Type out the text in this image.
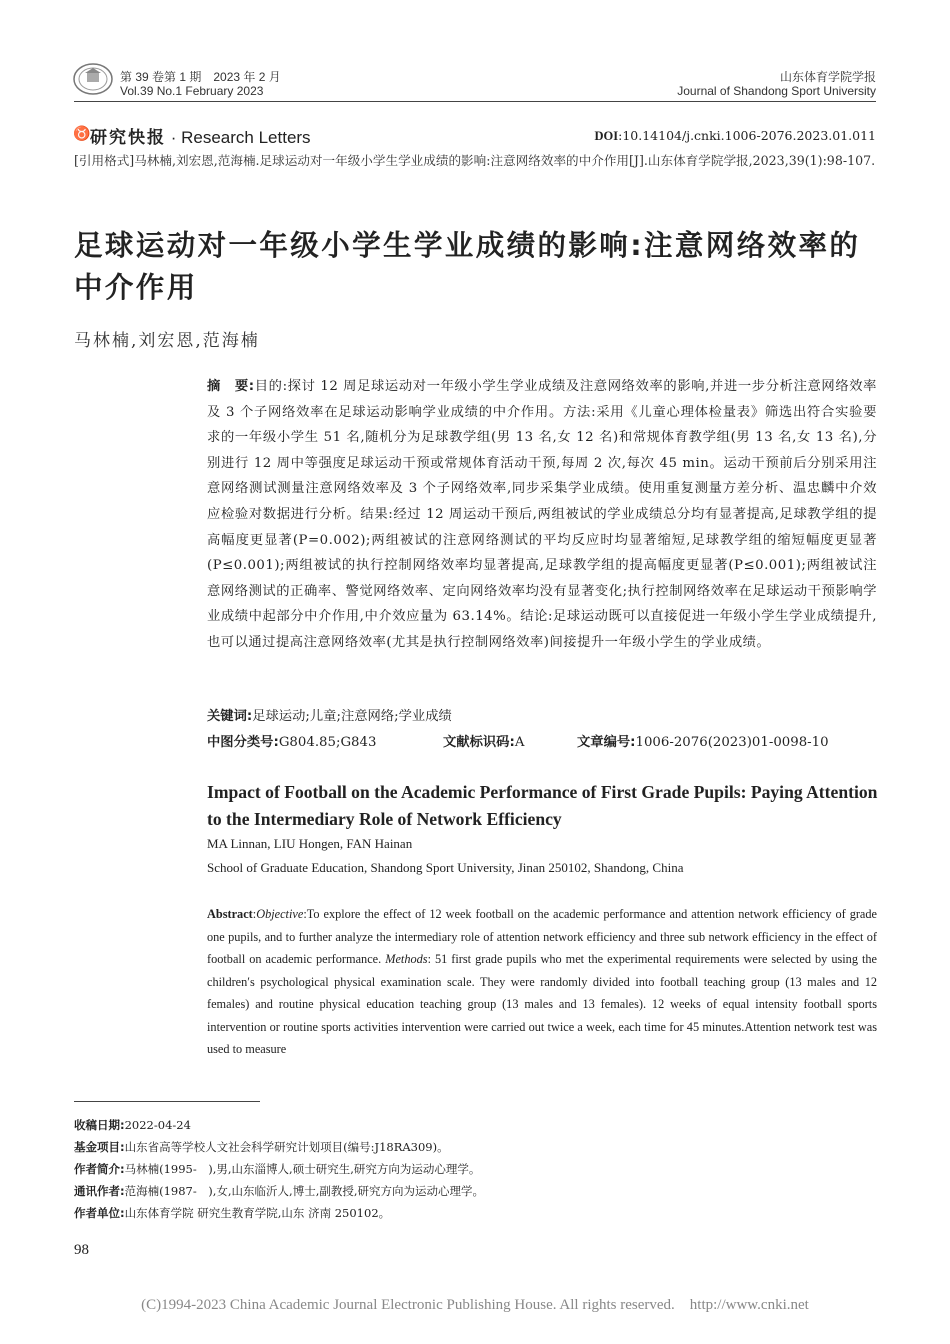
第 39 卷第 1 期　2023 年 2 月
Vol.39 No.1 February 2023
山东体育学院学报
Journal of Shandong Sport University
♉ 研究快报 · Research Letters	DOI:10.14104/j.cnki.1006-2076.2023.01.011
[引用格式]马林楠,刘宏恩,范海楠.足球运动对一年级小学生学业成绩的影响:注意网络效率的中介作用[J].山东体育学院学报,2023,39(1):98-107.
足球运动对一年级小学生学业成绩的影响:注意网络效率的中介作用
马林楠,刘宏恩,范海楠
摘　要:目的:探讨 12 周足球运动对一年级小学生学业成绩及注意网络效率的影响,并进一步分析注意网络效率及 3 个子网络效率在足球运动影响学业成绩的中介作用。方法:采用《儿童心理体检量表》筛选出符合实验要求的一年级小学生 51 名,随机分为足球教学组(男 13 名,女 12 名)和常规体育教学组(男 13 名,女 13 名),分别进行 12 周中等强度足球运动干预或常规体育活动干预,每周 2 次,每次 45 min。运动干预前后分别采用注意网络测试测量注意网络效率及 3 个子网络效率,同步采集学业成绩。使用重复测量方差分析、温忠麟中介效应检验对数据进行分析。结果:经过 12 周运动干预后,两组被试的学业成绩总分均有显著提高,足球教学组的提高幅度更显著(P=0.002);两组被试的注意网络测试的平均反应时均显著缩短,足球教学组的缩短幅度更显著(P≤0.001);两组被试的执行控制网络效率均显著提高,足球教学组的提高幅度更显著(P≤0.001);两组被试注意网络测试的正确率、警觉网络效率、定向网络效率均没有显著变化;执行控制网络效率在足球运动干预影响学业成绩中起部分中介作用,中介效应量为 63.14%。结论:足球运动既可以直接促进一年级小学生学业成绩提升,也可以通过提高注意网络效率(尤其是执行控制网络效率)间接提升一年级小学生的学业成绩。
关键词:足球运动;儿童;注意网络;学业成绩
中图分类号:G804.85;G843	文献标识码:A	文章编号:1006-2076(2023)01-0098-10
Impact of Football on the Academic Performance of First Grade Pupils: Paying Attention to the Intermediary Role of Network Efficiency
MA Linnan, LIU Hongen, FAN Hainan
School of Graduate Education, Shandong Sport University, Jinan 250102, Shandong, China
Abstract:Objective:To explore the effect of 12 week football on the academic performance and attention network efficiency of grade one pupils, and to further analyze the intermediary role of attention network efficiency and three sub network efficiency in the effect of football on academic performance. Methods: 51 first grade pupils who met the experimental requirements were selected by using the children′s psychological physical examination scale. They were randomly divided into football teaching group (13 males and 12 females) and routine physical education teaching group (13 males and 13 females). 12 weeks of equal intensity football sports intervention or routine sports activities intervention were carried out twice a week, each time for 45 minutes.Attention network test was used to measure
收稿日期:2022-04-24
基金项目:山东省高等学校人文社会科学研究计划项目(编号:J18RA309)。
作者简介:马林楠(1995-　),男,山东淄博人,硕士研究生,研究方向为运动心理学。
通讯作者:范海楠(1987-　),女,山东临沂人,博士,副教授,研究方向为运动心理学。
作者单位:山东体育学院 研究生教育学院,山东 济南 250102。
98
(C)1994-2023 China Academic Journal Electronic Publishing House. All rights reserved.    http://www.cnki.net
